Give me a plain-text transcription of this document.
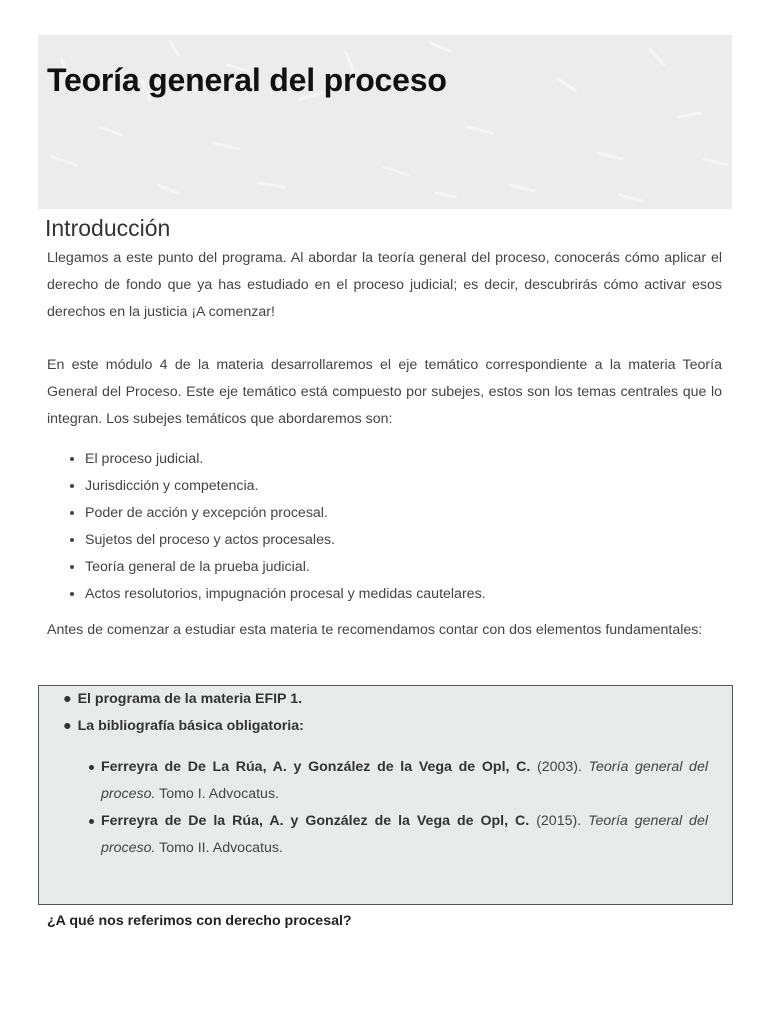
Teoría general del proceso
Introducción

Llegamos a este punto del programa. Al abordar la teoría general del proceso, conocerás cómo aplicar el derecho de fondo que ya has estudiado en el proceso judicial; es decir, descubrirás cómo activar esos derechos en la justicia ¡A comenzar!

En este módulo 4 de la materia desarrollaremos el eje temático correspondiente a la materia Teoría General del Proceso. Este eje temático está compuesto por subejes, estos son los temas centrales que lo integran. Los subejes temáticos que abordaremos son:

• El proceso judicial.
• Jurisdicción y competencia.
• Poder de acción y excepción procesal.
• Sujetos del proceso y actos procesales.
• Teoría general de la prueba judicial.
• Actos resolutorios, impugnación procesal y medidas cautelares.

Antes de comenzar a estudiar esta materia te recomendamos contar con dos elementos fundamentales:

● El programa de la materia EFIP 1.
● La bibliografía básica obligatoria:
Ferreyra de De La Rúa, A. y González de la Vega de Opl, C. (2003). Teoría general del proceso. Tomo I. Advocatus.
Ferreyra de De la Rúa, A. y González de la Vega de Opl, C. (2015). Teoría general del proceso. Tomo II. Advocatus.
¿A qué nos referimos con derecho procesal?
